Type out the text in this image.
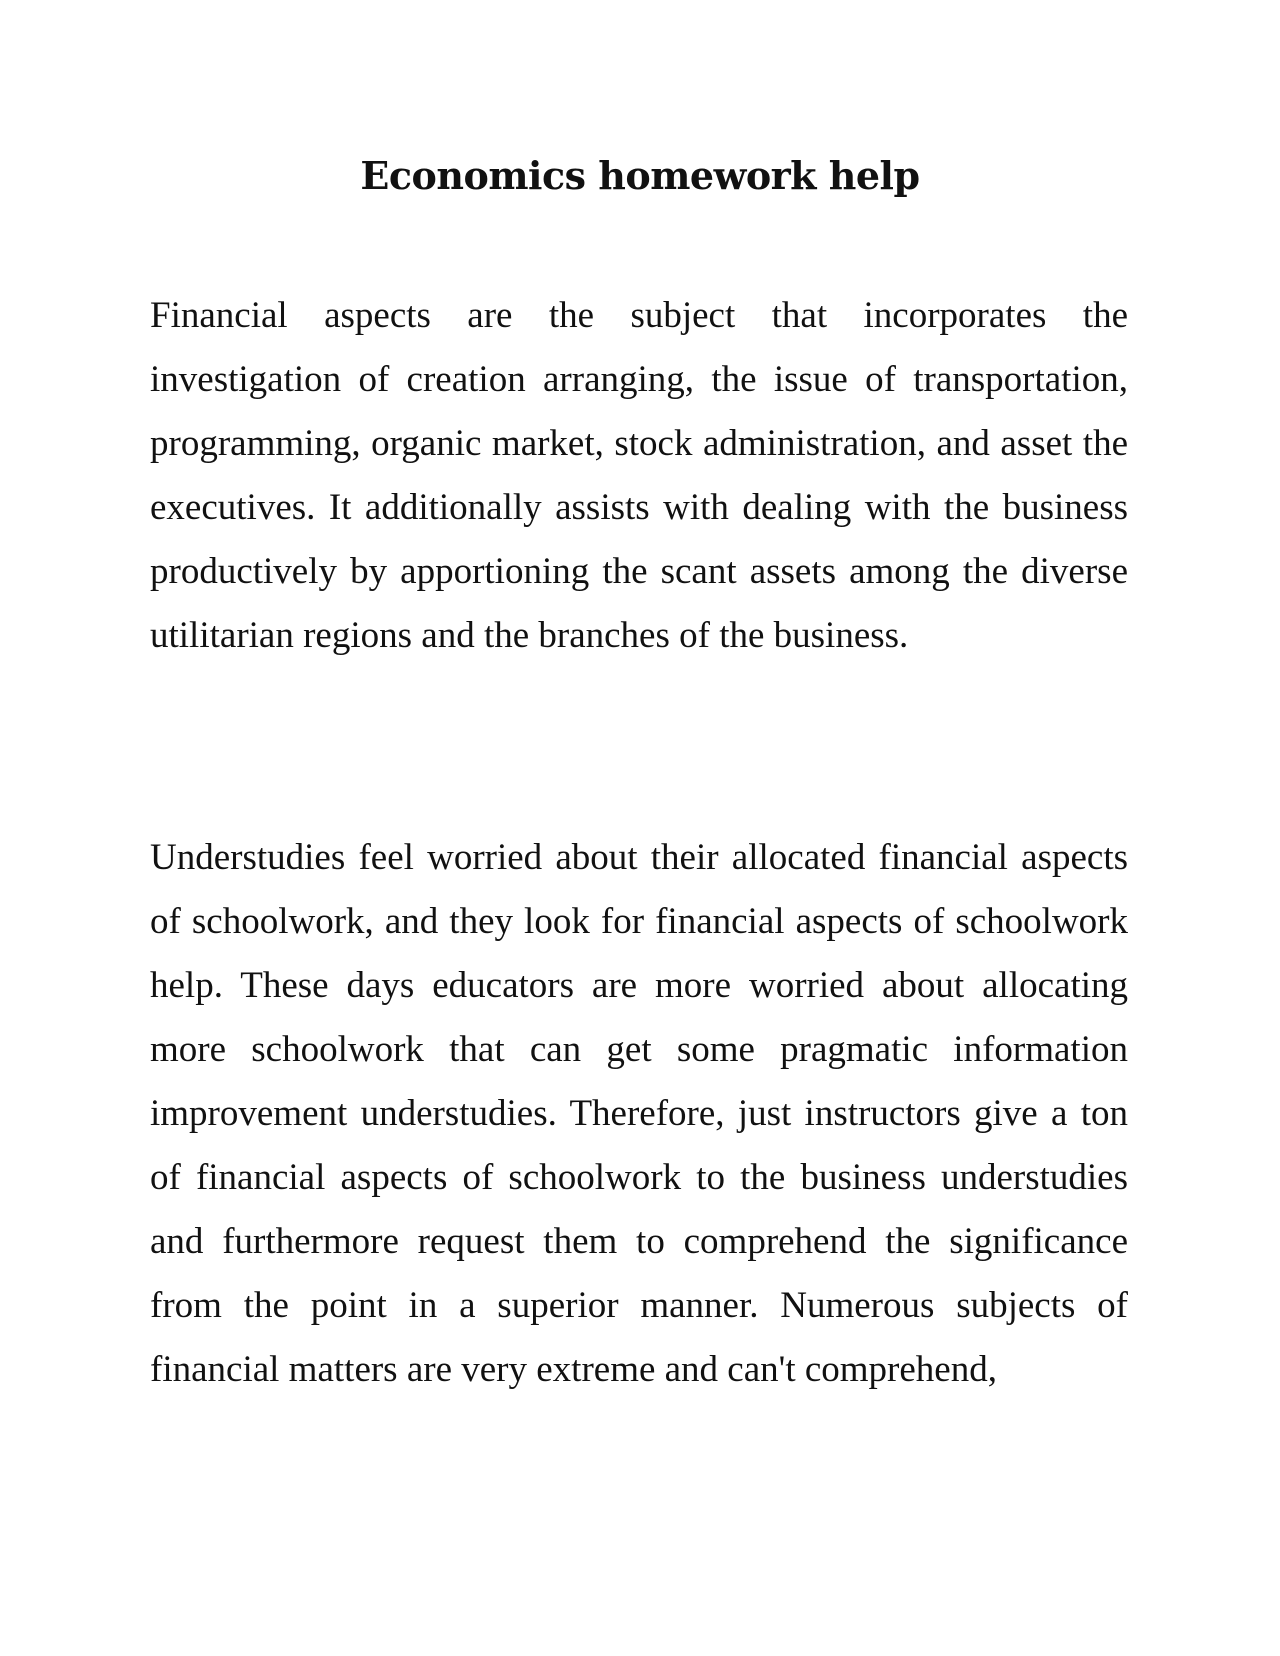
Economics homework help

Financial aspects are the subject that incorporates the investigation of creation arranging, the issue of transportation, programming, organic market, stock administration, and asset the executives. It additionally assists with dealing with the business productively by apportioning the scant assets among the diverse utilitarian regions and the branches of the business.

Understudies feel worried about their allocated financial aspects of schoolwork, and they look for financial aspects of schoolwork help. These days educators are more worried about allocating more schoolwork that can get some pragmatic information improvement understudies. Therefore, just instructors give a ton of financial aspects of schoolwork to the business understudies and furthermore request them to comprehend the significance from the point in a superior manner. Numerous subjects of financial matters are very extreme and can't comprehend,
